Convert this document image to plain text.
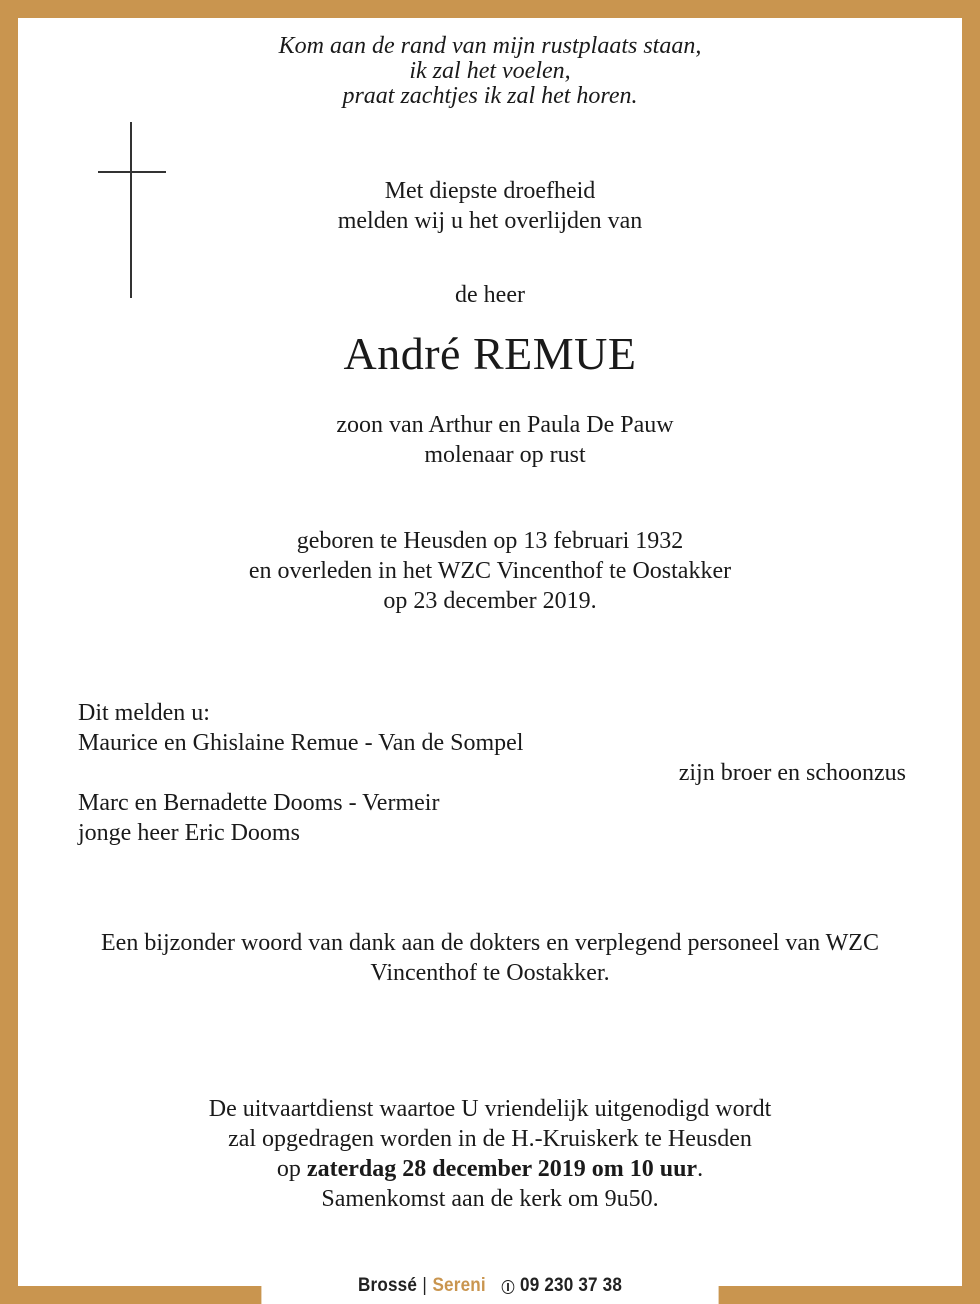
Kom aan de rand van mijn rustplaats staan,
ik zal het voelen,
praat zachtjes ik zal het horen.
Met diepste droefheid
melden wij u het overlijden van
de heer
André REMUE
zoon van Arthur en Paula De Pauw
molenaar op rust
geboren te Heusden op 13 februari 1932
en overleden in het WZC Vincenthof te Oostakker
op 23 december 2019.
Dit melden u:
Maurice en Ghislaine Remue - Van de Sompel
zijn broer en schoonzus
Marc en Bernadette Dooms - Vermeir
jonge heer Eric Dooms
Een bijzonder woord van dank aan de dokters en verplegend personeel van WZC
Vincenthof te Oostakker.
De uitvaartdienst waartoe U vriendelijk uitgenodigd wordt
zal opgedragen worden in de H.-Kruiskerk te Heusden
op zaterdag 28 december 2019 om 10 uur.
Samenkomst aan de kerk om 9u50.
Brossé | Sereni 09 230 37 38
